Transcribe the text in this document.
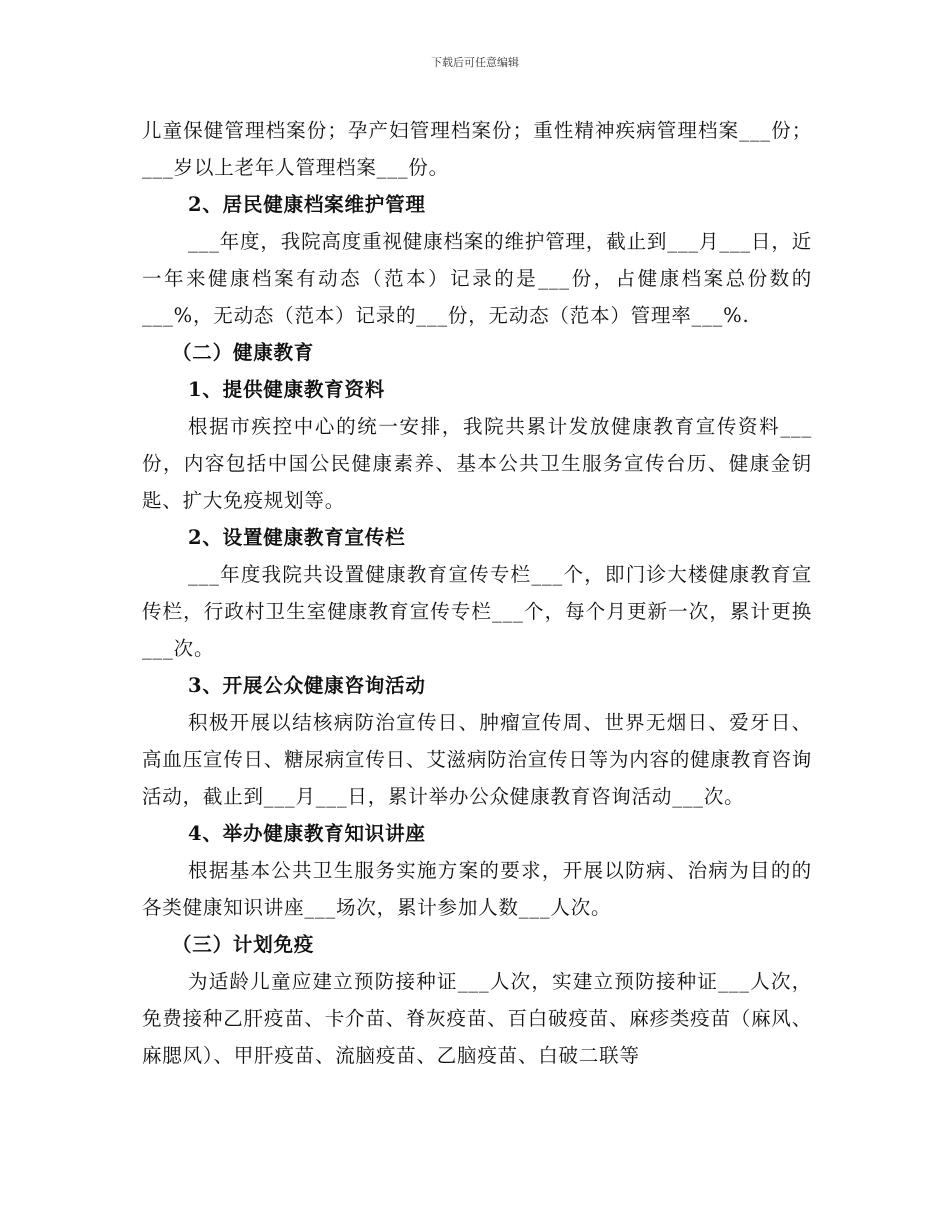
下载后可任意编辑

儿童保健管理档案份；孕产妇管理档案份；重性精神疾病管理档案___份；___岁以上老年人管理档案___份。

2、居民健康档案维护管理

___年度，我院高度重视健康档案的维护管理，截止到___月___日，近一年来健康档案有动态（范本）记录的是___份，占健康档案总份数的___%，无动态（范本）记录的___份，无动态（范本）管理率___%.

（二）健康教育

1、提供健康教育资料

根据市疾控中心的统一安排，我院共累计发放健康教育宣传资料___份，内容包括中国公民健康素养、基本公共卫生服务宣传台历、健康金钥匙、扩大免疫规划等。

2、设置健康教育宣传栏

___年度我院共设置健康教育宣传专栏___个，即门诊大楼健康教育宣传栏，行政村卫生室健康教育宣传专栏___个，每个月更新一次，累计更换___次。

3、开展公众健康咨询活动

积极开展以结核病防治宣传日、肿瘤宣传周、世界无烟日、爱牙日、高血压宣传日、糖尿病宣传日、艾滋病防治宣传日等为内容的健康教育咨询活动，截止到___月___日，累计举办公众健康教育咨询活动___次。

4、举办健康教育知识讲座

根据基本公共卫生服务实施方案的要求，开展以防病、治病为目的的各类健康知识讲座___场次，累计参加人数___人次。

（三）计划免疫

为适龄儿童应建立预防接种证___人次，实建立预防接种证___人次，免费接种乙肝疫苗、卡介苗、脊灰疫苗、百白破疫苗、麻疹类疫苗（麻风、麻腮风）、甲肝疫苗、流脑疫苗、乙脑疫苗、白破二联等
